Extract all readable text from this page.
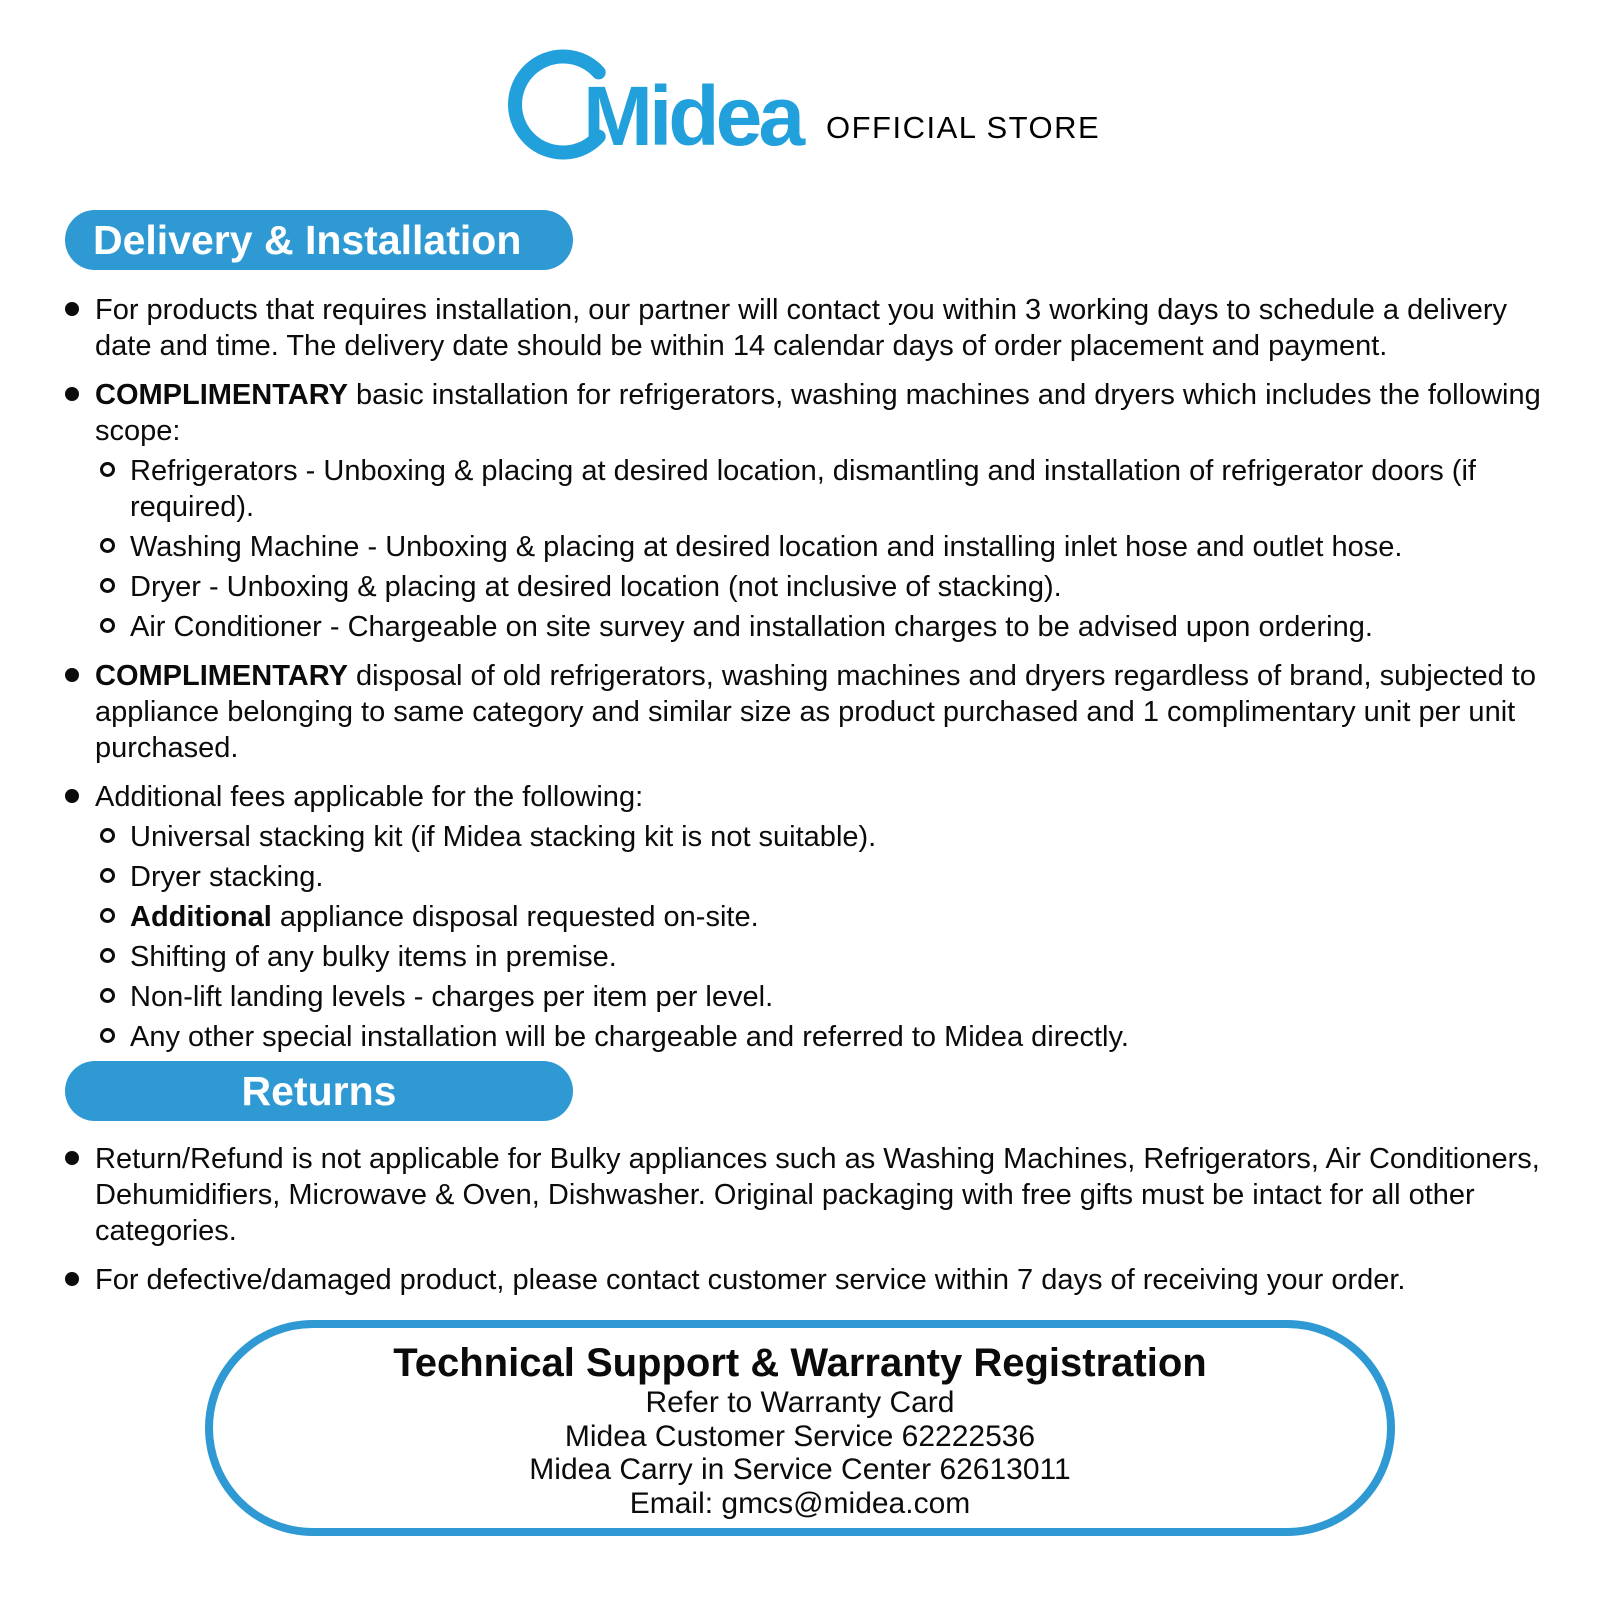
Midea OFFICIAL STORE
Delivery & Installation

For products that requires installation, our partner will contact you within 3 working days to schedule a delivery date and time. The delivery date should be within 14 calendar days of order placement and payment.

COMPLIMENTARY basic installation for refrigerators, washing machines and dryers which includes the following scope:

Refrigerators - Unboxing & placing at desired location, dismantling and installation of refrigerator doors (if required).

Washing Machine - Unboxing & placing at desired location and installing inlet hose and outlet hose.

Dryer - Unboxing & placing at desired location (not inclusive of stacking).

Air Conditioner - Chargeable on site survey and installation charges to be advised upon ordering.

COMPLIMENTARY disposal of old refrigerators, washing machines and dryers regardless of brand, subjected to appliance belonging to same category and similar size as product purchased and 1 complimentary unit per unit purchased.

Additional fees applicable for the following:

Universal stacking kit (if Midea stacking kit is not suitable).

Dryer stacking.

Additional appliance disposal requested on-site.

Shifting of any bulky items in premise.

Non-lift landing levels - charges per item per level.

Any other special installation will be chargeable and referred to Midea directly.

Returns

Return/Refund is not applicable for Bulky appliances such as Washing Machines, Refrigerators, Air Conditioners, Dehumidifiers, Microwave & Oven, Dishwasher. Original packaging with free gifts must be intact for all other categories.

For defective/damaged product, please contact customer service within 7 days of receiving your order.

Technical Support & Warranty Registration
Refer to Warranty Card
Midea Customer Service 62222536
Midea Carry in Service Center 62613011
Email: gmcs@midea.com
